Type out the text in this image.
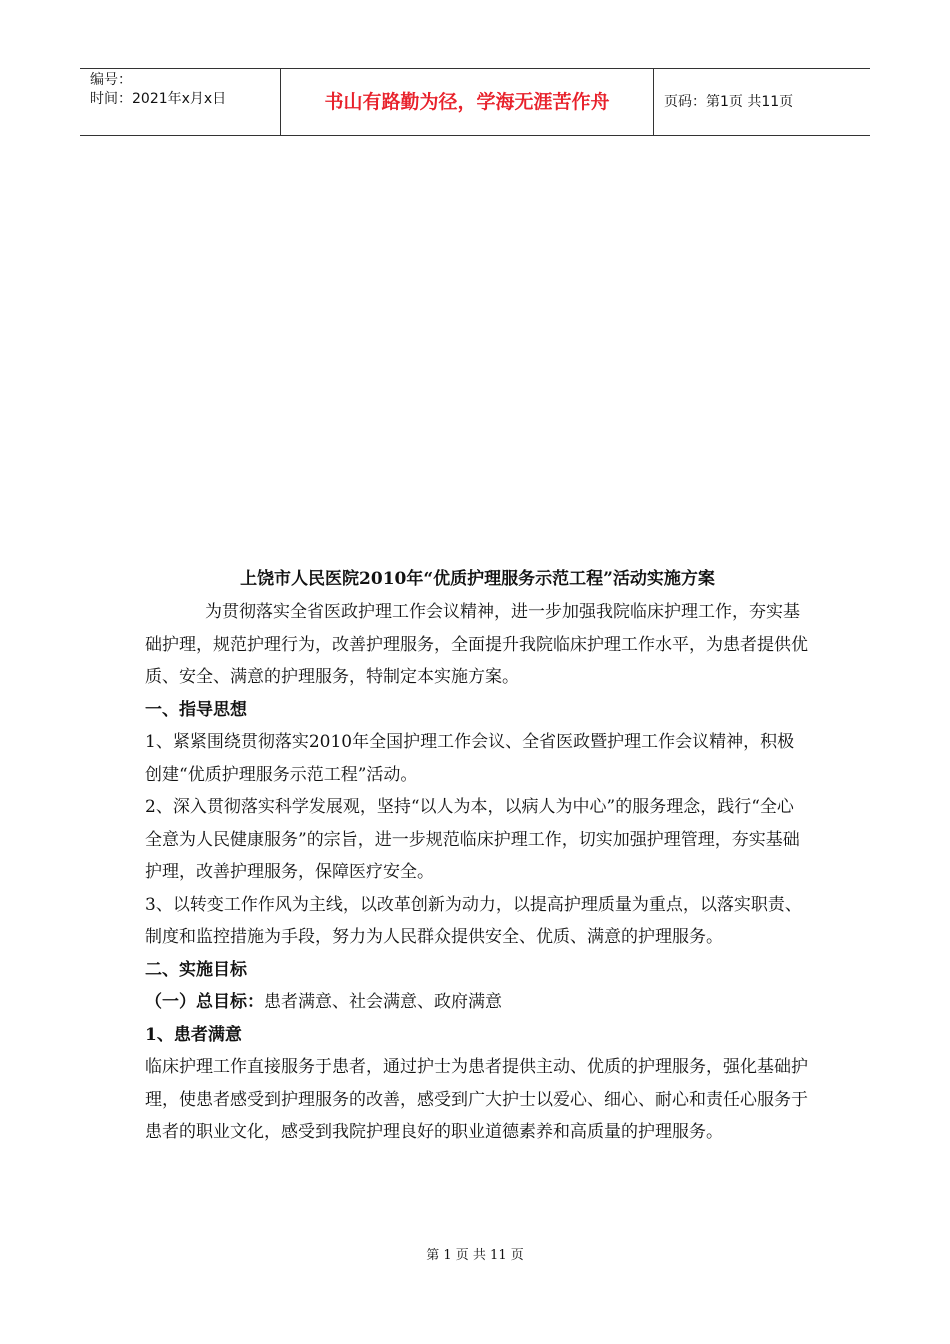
编号：
时间：2021年x月x日	书山有路勤为径，学海无涯苦作舟	页码：第1页 共11页

上饶市人民医院2010年“优质护理服务示范工程”活动实施方案

为贯彻落实全省医政护理工作会议精神，进一步加强我院临床护理工作，夯实基础护理，规范护理行为，改善护理服务，全面提升我院临床护理工作水平，为患者提供优质、安全、满意的护理服务，特制定本实施方案。

一、指导思想

1、紧紧围绕贯彻落实2010年全国护理工作会议、全省医政暨护理工作会议精神，积极创建“优质护理服务示范工程”活动。

2、深入贯彻落实科学发展观，坚持“以人为本，以病人为中心”的服务理念，践行“全心全意为人民健康服务”的宗旨，进一步规范临床护理工作，切实加强护理管理，夯实基础护理，改善护理服务，保障医疗安全。

3、以转变工作作风为主线，以改革创新为动力，以提高护理质量为重点，以落实职责、制度和监控措施为手段，努力为人民群众提供安全、优质、满意的护理服务。

二、实施目标

（一）总目标：患者满意、社会满意、政府满意

1、患者满意

临床护理工作直接服务于患者，通过护士为患者提供主动、优质的护理服务，强化基础护理，使患者感受到护理服务的改善，感受到广大护士以爱心、细心、耐心和责任心服务于患者的职业文化，感受到我院护理良好的职业道德素养和高质量的护理服务。

第 1 页 共 11 页
